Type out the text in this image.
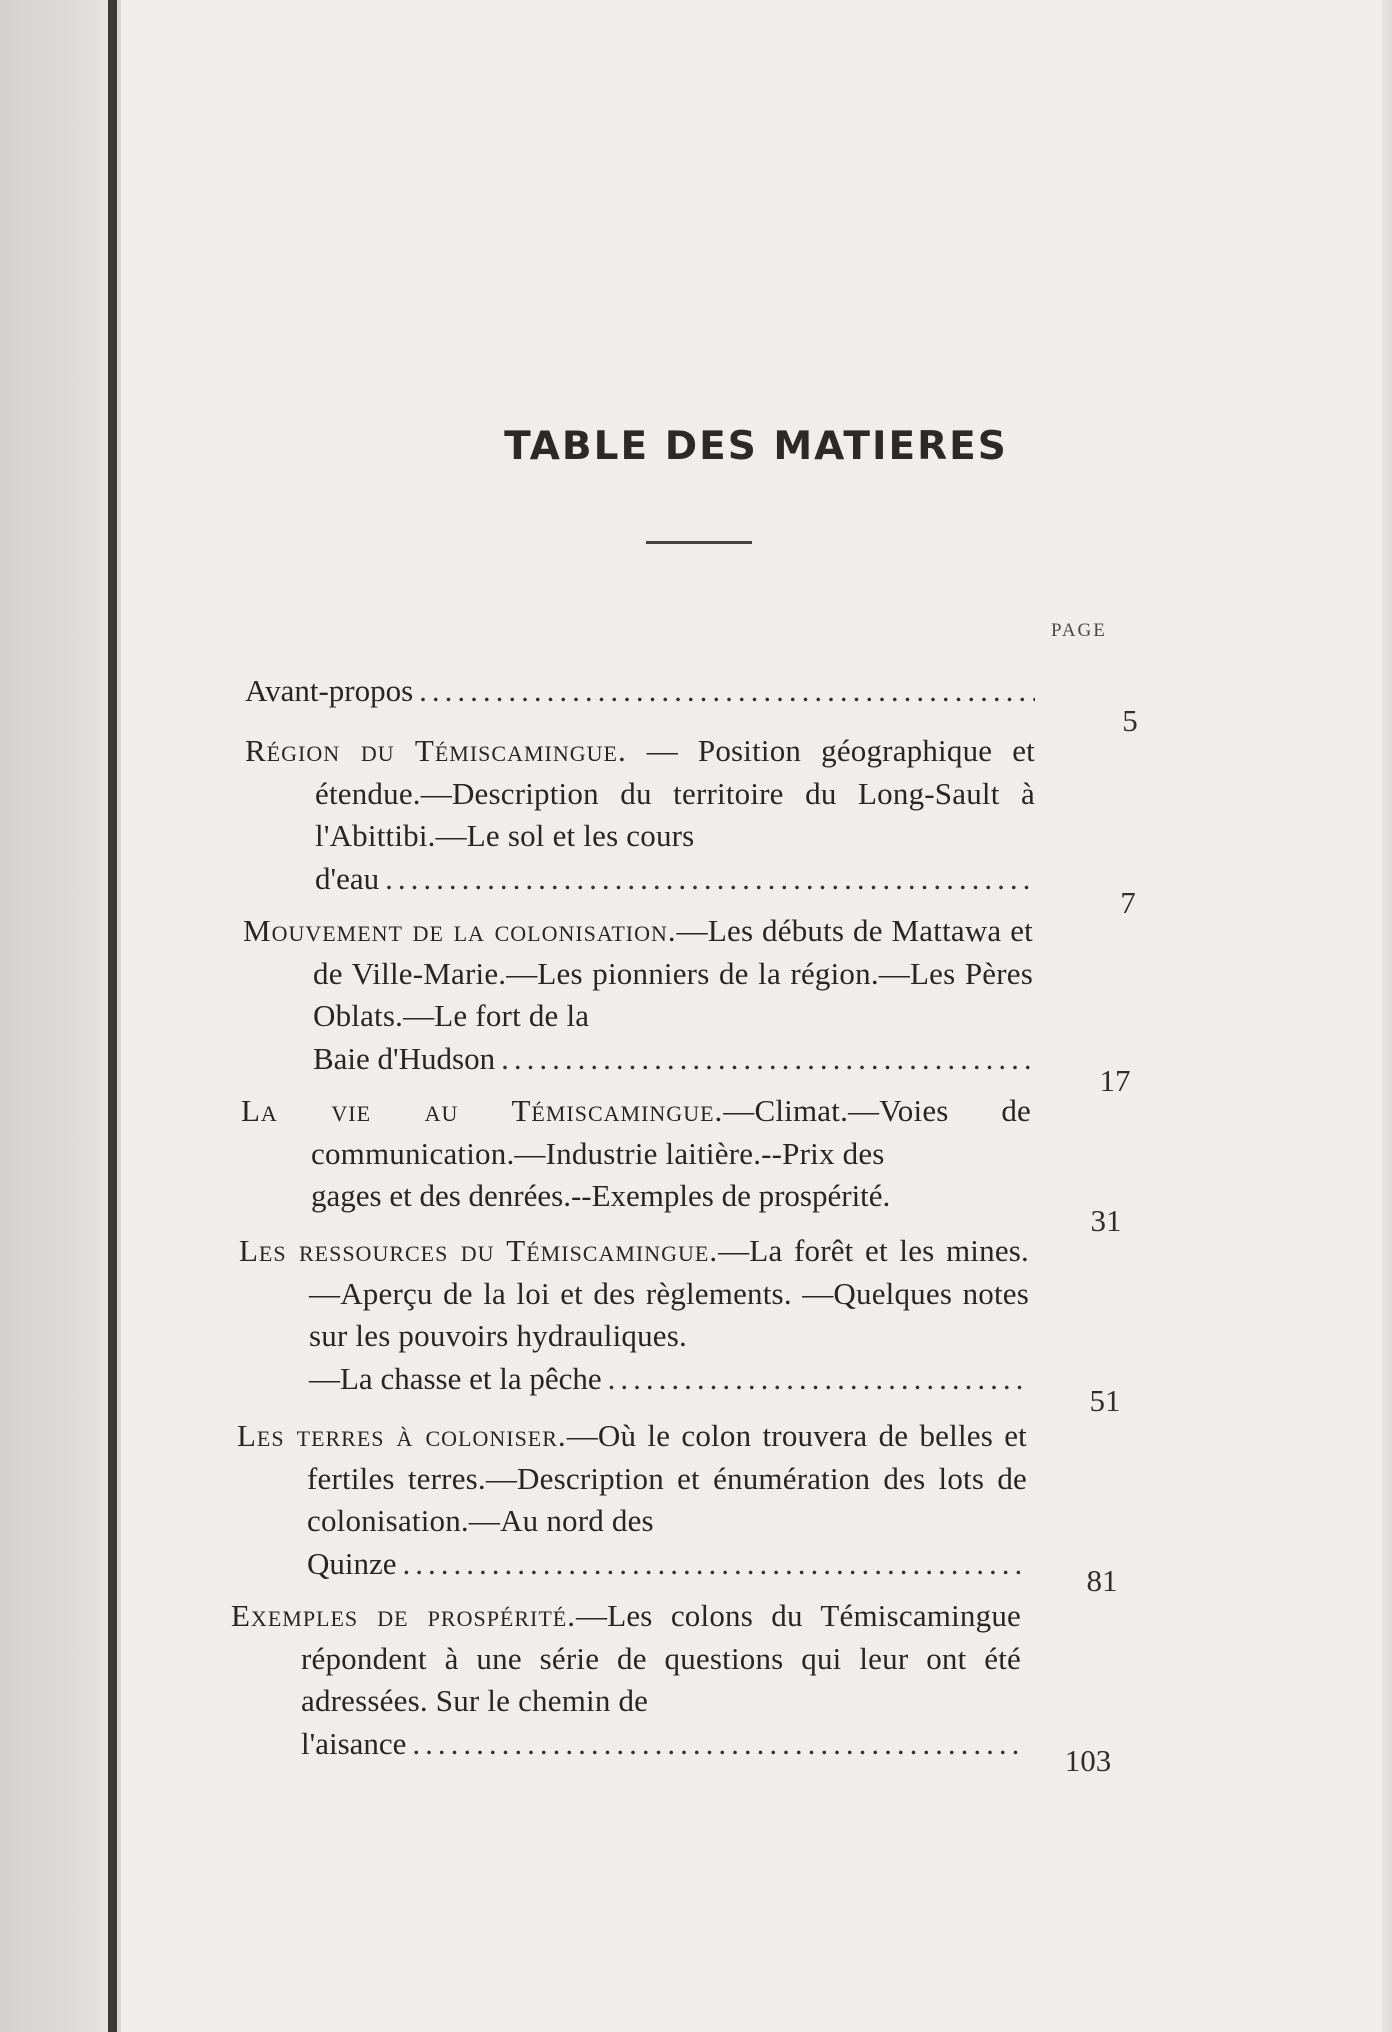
TABLE DES MATIERES
PAGE
Avant-propos
.....
5
Région du Témiscamingue. — Position géographique et étendue.—Description du territoire du Long-Sault à l'Abittibi.—Le sol et les cours
d'eau
.....
7
Mouvement de la colonisation.—Les débuts de Mattawa et de Ville-Marie.—Les pionniers de la région.—Les Pères Oblats.—Le fort de la
Baie d'Hudson
.....
17
La vie au Témiscamingue.—Climat.—Voies de communication.—Industrie laitière.--Prix des
gages et des denrées.--Exemples de prospérité.
31
Les ressources du Témiscamingue.—La forêt et les mines.—Aperçu de la loi et des règlements. —Quelques notes sur les pouvoirs hydrauliques.
—La chasse et la pêche
.....
51
Les terres à coloniser.—Où le colon trouvera de belles et fertiles terres.—Description et énumération des lots de colonisation.—Au nord des
Quinze .....	81
Exemples de prospérité.—Les colons du Témiscamingue répondent à une série de questions qui leur ont été adressées. Sur le chemin de
l'aisance .....	103
